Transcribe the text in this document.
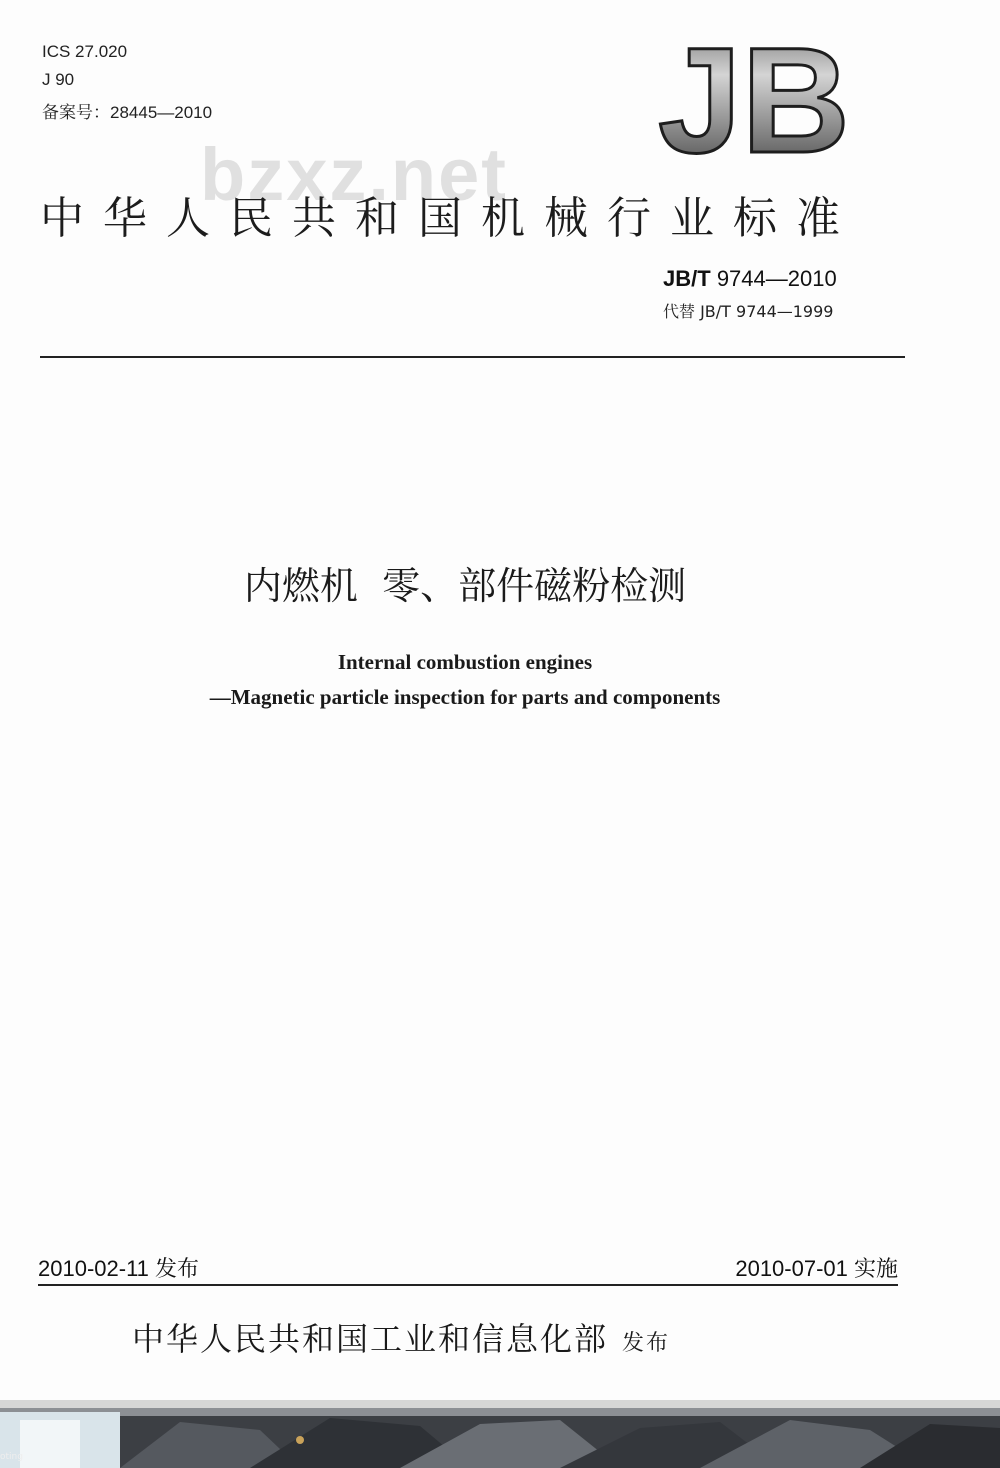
ICS 27.020
J 90
备案号：28445—2010	JB
bzxz.net
中华人民共和国机械行业标准
JB/T 9744—2010
代替 JB/T 9744—1999
内燃机  零、部件磁粉检测
Internal combustion engines
—Magnetic particle inspection for parts and components
2010-02-11 发布	2010-07-01 实施
中华人民共和国工业和信息化部 发布
oting
